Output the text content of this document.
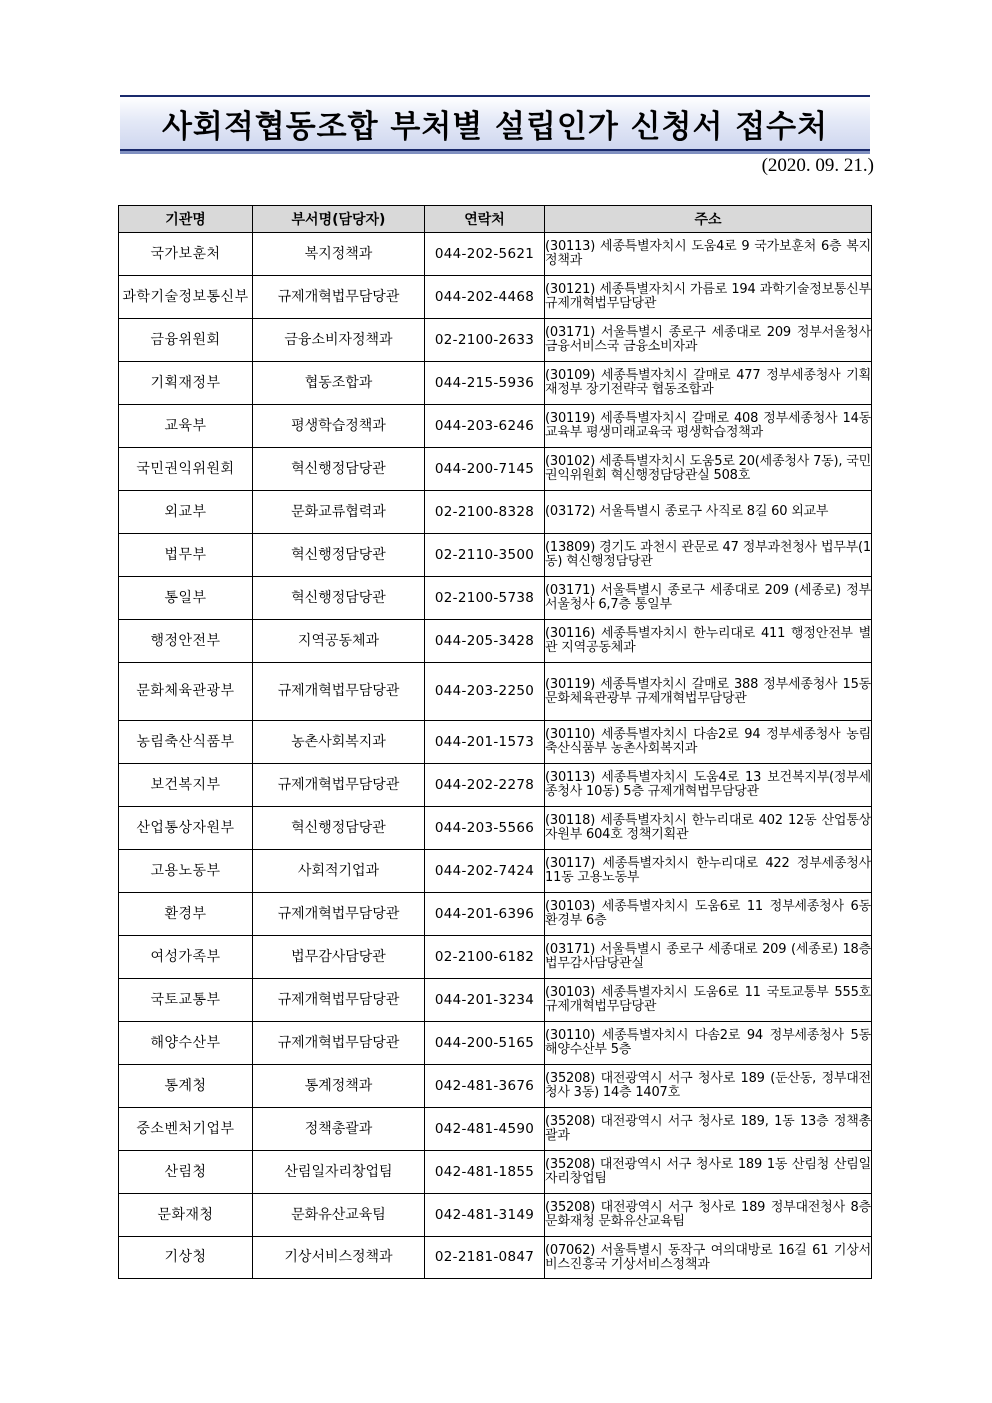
사회적협동조합 부처별 설립인가 신청서 접수처
(2020. 09. 21.)
기관명	부서명(담당자)	연락처	주소
국가보훈처	복지정책과	044-202-5621	(30113) 세종특별자치시 도움4로 9 국가보훈처 6층 복지정책과
과학기술정보통신부	규제개혁법무담당관	044-202-4468	(30121) 세종특별자치시 가름로 194 과학기술정보통신부 규제개혁법무담당관
금융위원회	금융소비자정책과	02-2100-2633	(03171) 서울특별시 종로구 세종대로 209 정부서울청사 금융서비스국 금융소비자과
기획재정부	협동조합과	044-215-5936	(30109) 세종특별자치시 갈매로 477 정부세종청사 기획재정부 장기전략국 협동조합과
교육부	평생학습정책과	044-203-6246	(30119) 세종특별자치시 갈매로 408 정부세종청사 14동 교육부 평생미래교육국 평생학습정책과
국민권익위원회	혁신행정담당관	044-200-7145	(30102) 세종특별자치시 도움5로 20(세종청사 7동), 국민권익위원회 혁신행정담당관실 508호
외교부	문화교류협력과	02-2100-8328	(03172) 서울특별시 종로구 사직로 8길 60 외교부
법무부	혁신행정담당관	02-2110-3500	(13809) 경기도 과천시 관문로 47 정부과천청사 법무부(1동) 혁신행정담당관
통일부	혁신행정담당관	02-2100-5738	(03171) 서울특별시 종로구 세종대로 209 (세종로) 정부서울청사 6,7층 통일부
행정안전부	지역공동체과	044-205-3428	(30116) 세종특별자치시 한누리대로 411 행정안전부 별관 지역공동체과
문화체육관광부	규제개혁법무담당관	044-203-2250	(30119) 세종특별자치시 갈매로 388 정부세종청사 15동 문화체육관광부 규제개혁법무담당관
농림축산식품부	농촌사회복지과	044-201-1573	(30110) 세종특별자치시 다솜2로 94 정부세종청사 농림축산식품부 농촌사회복지과
보건복지부	규제개혁법무담당관	044-202-2278	(30113) 세종특별자치시 도움4로 13 보건복지부(정부세종청사 10동) 5층 규제개혁법무담당관
산업통상자원부	혁신행정담당관	044-203-5566	(30118) 세종특별자치시 한누리대로 402 12동 산업통상자원부 604호 정책기획관
고용노동부	사회적기업과	044-202-7424	(30117) 세종특별자치시 한누리대로 422 정부세종청사 11동 고용노동부
환경부	규제개혁법무담당관	044-201-6396	(30103) 세종특별자치시 도움6로 11 정부세종청사 6동 환경부 6층
여성가족부	법무감사담당관	02-2100-6182	(03171) 서울특별시 종로구 세종대로 209 (세종로) 18층 법무감사담당관실
국토교통부	규제개혁법무담당관	044-201-3234	(30103) 세종특별자치시 도움6로 11 국토교통부 555호 규제개혁법무담당관
해양수산부	규제개혁법무담당관	044-200-5165	(30110) 세종특별자치시 다솜2로 94 정부세종청사 5동 해양수산부 5층
통계청	통계정책과	042-481-3676	(35208) 대전광역시 서구 청사로 189 (둔산동, 정부대전청사 3동) 14층 1407호
중소벤처기업부	정책총괄과	042-481-4590	(35208) 대전광역시 서구 청사로 189, 1동 13층 정책총괄과
산림청	산림일자리창업팀	042-481-1855	(35208) 대전광역시 서구 청사로 189 1동 산림청 산림일자리창업팀
문화재청	문화유산교육팀	042-481-3149	(35208) 대전광역시 서구 청사로 189 정부대전청사 8층 문화재청 문화유산교육팀
기상청	기상서비스정책과	02-2181-0847	(07062) 서울특별시 동작구 여의대방로 16길 61 기상서비스진흥국 기상서비스정책과
